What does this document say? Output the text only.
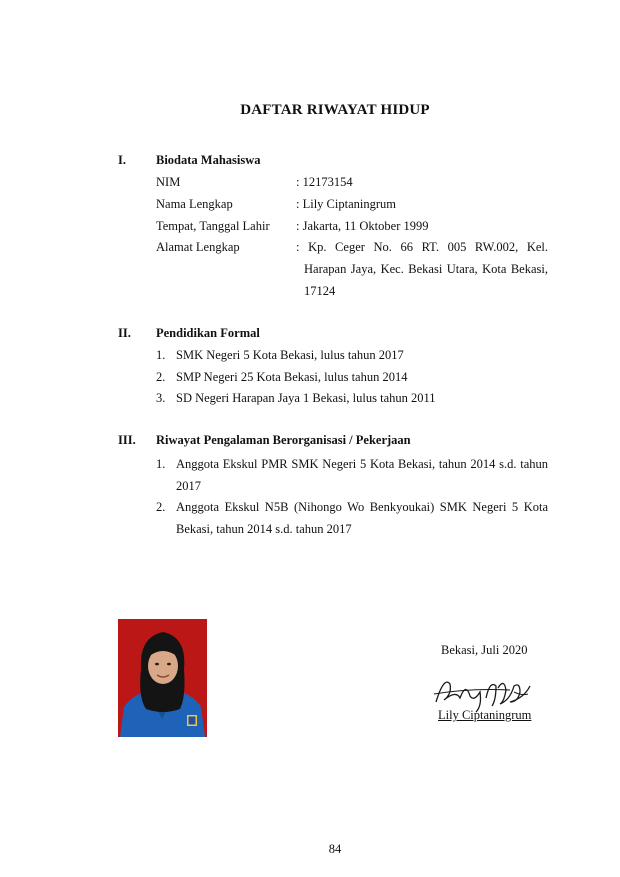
DAFTAR RIWAYAT HIDUP
I. Biodata Mahasiswa
NIM	: 12173154
Nama Lengkap	: Lily Ciptaningrum
Tempat, Tanggal Lahir : Jakarta, 11 Oktober 1999
Alamat Lengkap	: Kp. Ceger No. 66 RT. 005 RW.002, Kel. Harapan Jaya, Kec. Bekasi Utara, Kota Bekasi, 17124
II. Pendidikan Formal
1. SMK Negeri 5 Kota Bekasi, lulus tahun 2017
2. SMP Negeri 25 Kota Bekasi, lulus tahun 2014
3. SD Negeri Harapan Jaya 1 Bekasi, lulus tahun 2011
III. Riwayat Pengalaman Berorganisasi / Pekerjaan
1. Anggota Ekskul PMR SMK Negeri 5 Kota Bekasi, tahun 2014 s.d. tahun 2017
2. Anggota Ekskul N5B (Nihongo Wo Benkyoukai) SMK Negeri 5 Kota Bekasi, tahun 2014 s.d. tahun 2017
Bekasi, Juli 2020
Lily Ciptaningrum
84
